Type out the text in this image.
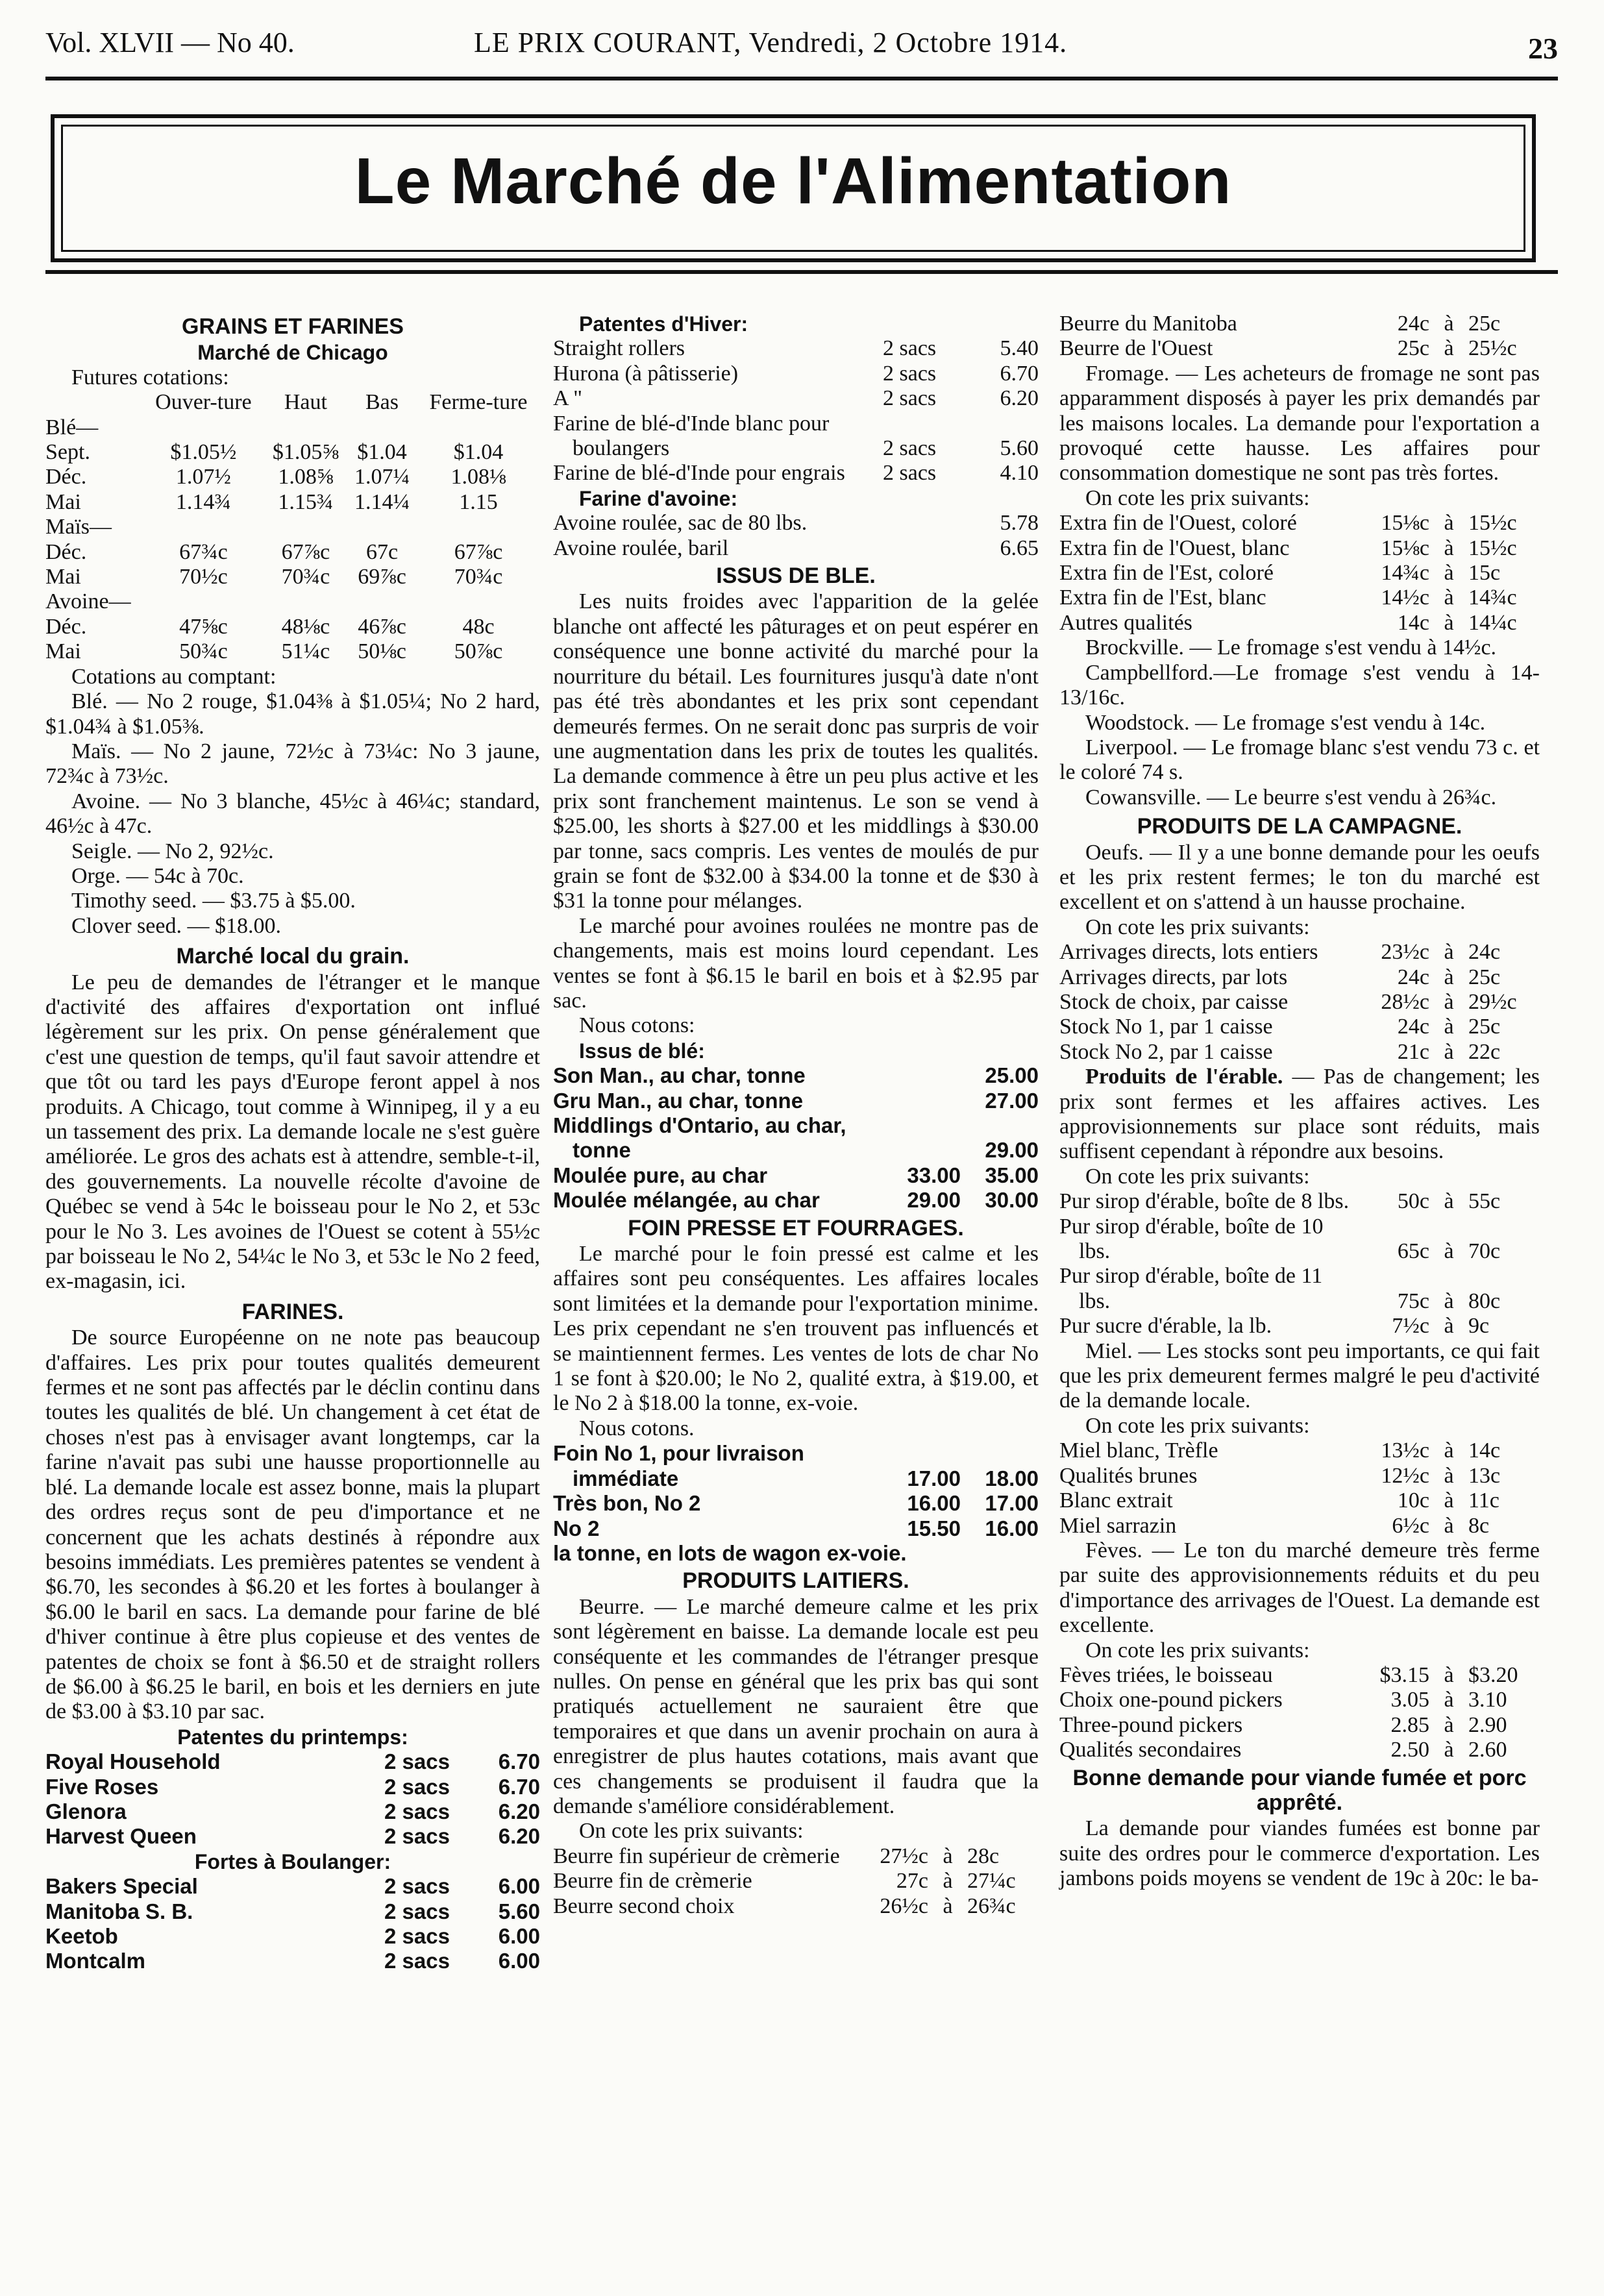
Vol. XLVII — No 40.	LE PRIX COURANT, Vendredi, 2 Octobre 1914.	23
Le Marché de l'Alimentation
GRAINS ET FARINES
Marché de Chicago
Futures cotations:
	Ouver-ture	Haut	Bas	Ferme-ture
Blé—				
Sept.	$1.05½	$1.05⅝	$1.04	$1.04
Déc.	1.07½	1.08⅝	1.07¼	1.08⅛
Mai	1.14¾	1.15¾	1.14¼	1.15
Maïs—				
Déc.	67¾c	67⅞c	67c	67⅞c
Mai	70½c	70¾c	69⅞c	70¾c
Avoine—				
Déc.	47⅝c	48⅛c	46⅞c	48c
Mai	50¾c	51¼c	50⅛c	50⅞c
Cotations au comptant:
Blé. — No 2 rouge, $1.04⅜ à $1.05¼; No 2 hard, $1.04¾ à $1.05⅜.
Maïs. — No 2 jaune, 72½c à 73¼c: No 3 jaune, 72¾c à 73½c.
Avoine. — No 3 blanche, 45½c à 46¼c; standard, 46½c à 47c.
Seigle. — No 2, 92½c.
Orge. — 54c à 70c.
Timothy seed. — $3.75 à $5.00.
Clover seed. — $18.00.
Marché local du grain.
Le peu de demandes de l'étranger et le manque d'activité des affaires d'exportation ont influé légèrement sur les prix. On pense généralement que c'est une question de temps, qu'il faut savoir attendre et que tôt ou tard les pays d'Europe feront appel à nos produits. A Chicago, tout comme à Winnipeg, il y a eu un tassement des prix. La demande locale ne s'est guère améliorée. Le gros des achats est à attendre, semble-t-il, des gouvernements. La nouvelle récolte d'avoine de Québec se vend à 54c le boisseau pour le No 2, et 53c pour le No 3. Les avoines de l'Ouest se cotent à 55½c par boisseau le No 2, 54¼c le No 3, et 53c le No 2 feed, ex-magasin, ici.
FARINES.
De source Européenne on ne note pas beaucoup d'affaires. Les prix pour toutes qualités demeurent fermes et ne sont pas affectés par le déclin continu dans toutes les qualités de blé. Un changement à cet état de choses n'est pas à envisager avant longtemps, car la farine n'avait pas subi une hausse proportionnelle au blé. La demande locale est assez bonne, mais la plupart des ordres reçus sont de peu d'importance et ne concernent que les achats destinés à répondre aux besoins immédiats. Les premières patentes se vendent à $6.70, les secondes à $6.20 et les fortes à boulanger à $6.00 le baril en sacs. La demande pour farine de blé d'hiver continue à être plus copieuse et des ventes de patentes de choix se font à $6.50 et de straight rollers de $6.00 à $6.25 le baril, en bois et les derniers en jute de $3.00 à $3.10 par sac.
Patentes du printemps:
Royal Household	2 sacs	6.70
Five Roses	2 sacs	6.70
Glenora	2 sacs	6.20
Harvest Queen	2 sacs	6.20
Fortes à Boulanger:
Bakers Special	2 sacs	6.00
Manitoba S. B.	2 sacs	5.60
Keetob	2 sacs	6.00
Montcalm	2 sacs	6.00
Patentes d'Hiver:
Straight rollers	2 sacs	5.40
Hurona (à pâtisserie)	2 sacs	6.70
A "	2 sacs	6.20
Farine de blé-d'Inde blanc pour boulangers	2 sacs	5.60
Farine de blé-d'Inde pour engrais	2 sacs	4.10
Farine d'avoine:
Avoine roulée, sac de 80 lbs.	5.78
Avoine roulée, baril	6.65
ISSUS DE BLE.
Les nuits froides avec l'apparition de la gelée blanche ont affecté les pâturages et on peut espérer en conséquence une bonne activité du marché pour la nourriture du bétail. Les fournitures jusqu'à date n'ont pas été très abondantes et les prix sont cependant demeurés fermes. On ne serait donc pas surpris de voir une augmentation dans les prix de toutes les qualités. La demande commence à être un peu plus active et les prix sont franchement maintenus. Le son se vend à $25.00, les shorts à $27.00 et les middlings à $30.00 par tonne, sacs compris. Les ventes de moulés de pur grain se font de $32.00 à $34.00 la tonne et de $30 à $31 la tonne pour mélanges.
Le marché pour avoines roulées ne montre pas de changements, mais est moins lourd cependant. Les ventes se font à $6.15 le baril en bois et à $2.95 par sac.
Nous cotons:
Issus de blé:
Son Man., au char, tonne	25.00
Gru Man., au char, tonne	27.00
Middlings d'Ontario, au char, tonne	29.00
Moulée pure, au char	33.00	35.00
Moulée mélangée, au char	29.00	30.00
FOIN PRESSE ET FOURRAGES.
Le marché pour le foin pressé est calme et les affaires sont peu conséquentes. Les affaires locales sont limitées et la demande pour l'exportation minime. Les prix cependant ne s'en trouvent pas influencés et se maintiennent fermes. Les ventes de lots de char No 1 se font à $20.00; le No 2, qualité extra, à $19.00, et le No 2 à $18.00 la tonne, ex-voie.
Nous cotons.
Foin No 1, pour livraison immédiate	17.00	18.00
Très bon, No 2	16.00	17.00
No 2	15.50	16.00
la tonne, en lots de wagon ex-voie.
PRODUITS LAITIERS.
Beurre. — Le marché demeure calme et les prix sont légèrement en baisse. La demande locale est peu conséquente et les commandes de l'étranger presque nulles. On pense en général que les prix bas qui sont pratiqués actuellement ne sauraient être que temporaires et que dans un avenir prochain on aura à enregistrer de plus hautes cotations, mais avant que ces changements se produisent il faudra que la demande s'améliore considérablement.
On cote les prix suivants:
Beurre fin supérieur de crèmerie	27½c à 28c
Beurre fin de crèmerie	27c à 27¼c
Beurre second choix	26½c à 26¾c
Beurre du Manitoba	24c à 25c
Beurre de l'Ouest	25c à 25½c
Fromage. — Les acheteurs de fromage ne sont pas apparamment disposés à payer les prix demandés par les maisons locales. La demande pour l'exportation a provoqué cette hausse. Les affaires pour consommation domestique ne sont pas très fortes.
On cote les prix suivants:
Extra fin de l'Ouest, coloré	15⅛c à 15½c
Extra fin de l'Ouest, blanc	15⅛c à 15½c
Extra fin de l'Est, coloré	14¾c à 15c
Extra fin de l'Est, blanc	14½c à 14¾c
Autres qualités	14c à 14¼c
Brockville. — Le fromage s'est vendu à 14½c.
Campbellford.—Le fromage s'est vendu à 14-13/16c.
Woodstock. — Le fromage s'est vendu à 14c.
Liverpool. — Le fromage blanc s'est vendu 73 c. et le coloré 74 s.
Cowansville. — Le beurre s'est vendu à 26¾c.
PRODUITS DE LA CAMPAGNE.
Oeufs. — Il y a une bonne demande pour les oeufs et les prix restent fermes; le ton du marché est excellent et on s'attend à un hausse prochaine.
On cote les prix suivants:
Arrivages directs, lots entiers	23½c à 24c
Arrivages directs, par lots	24c à 25c
Stock de choix, par caisse	28½c à 29½c
Stock No 1, par 1 caisse	24c à 25c
Stock No 2, par 1 caisse	21c à 22c
Produits de l'érable. — Pas de changement; les prix sont fermes et les affaires actives. Les approvisionnements sur place sont réduits, mais suffisent cependant à répondre aux besoins.
On cote les prix suivants:
Pur sirop d'érable, boîte de 8 lbs.	50c à 55c
Pur sirop d'érable, boîte de 10 lbs.	65c à 70c
Pur sirop d'érable, boîte de 11 lbs.	75c à 80c
Pur sucre d'érable, la lb.	7½c à 9c
Miel. — Les stocks sont peu importants, ce qui fait que les prix demeurent fermes malgré le peu d'activité de la demande locale.
On cote les prix suivants:
Miel blanc, Trèfle	13½c à 14c
Qualités brunes	12½c à 13c
Blanc extrait	10c à 11c
Miel sarrazin	6½c à 8c
Fèves. — Le ton du marché demeure très ferme par suite des approvisionnements réduits et du peu d'importance des arrivages de l'Ouest. La demande est excellente.
On cote les prix suivants:
Fèves triées, le boisseau	$3.15 à $3.20
Choix one-pound pickers	3.05 à 3.10
Three-pound pickers	2.85 à 2.90
Qualités secondaires	2.50 à 2.60
Bonne demande pour viande fumée et porc apprêté.
La demande pour viandes fumées est bonne par suite des ordres pour le commerce d'exportation. Les jambons poids moyens se vendent de 19c à 20c: le ba-
